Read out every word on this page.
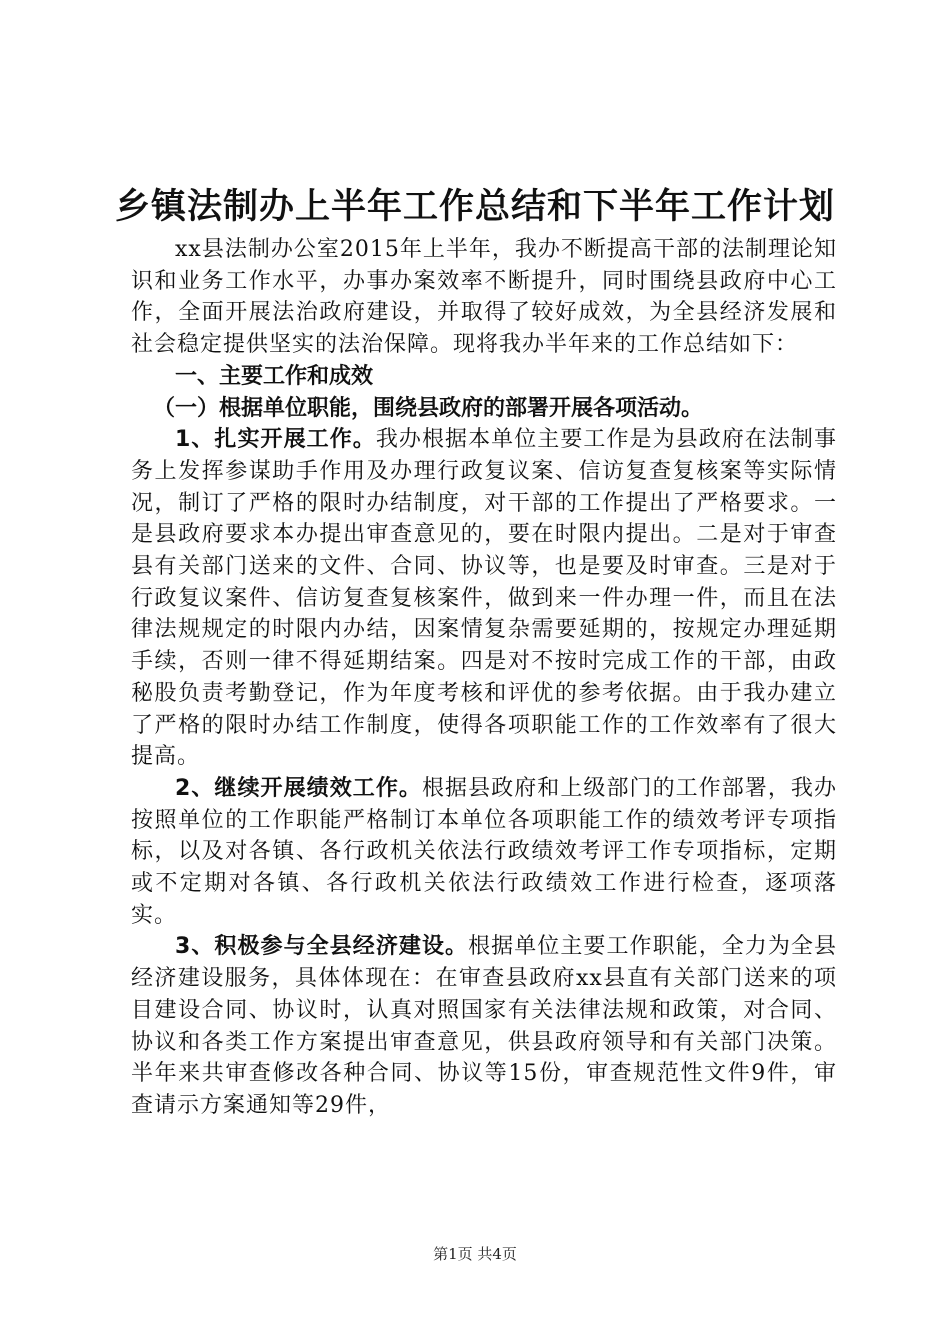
乡镇法制办上半年工作总结和下半年工作计划

xx县法制办公室2015年上半年，我办不断提高干部的法制理论知识和业务工作水平，办事办案效率不断提升，同时围绕县政府中心工作，全面开展法治政府建设，并取得了较好成效，为全县经济发展和社会稳定提供坚实的法治保障。现将我办半年来的工作总结如下：

一、主要工作和成效

（一）根据单位职能，围绕县政府的部署开展各项活动。

1、扎实开展工作。我办根据本单位主要工作是为县政府在法制事务上发挥参谋助手作用及办理行政复议案、信访复查复核案等实际情况，制订了严格的限时办结制度，对干部的工作提出了严格要求。一是县政府要求本办提出审查意见的，要在时限内提出。二是对于审查县有关部门送来的文件、合同、协议等，也是要及时审查。三是对于行政复议案件、信访复查复核案件，做到来一件办理一件，而且在法律法规规定的时限内办结，因案情复杂需要延期的，按规定办理延期手续，否则一律不得延期结案。四是对不按时完成工作的干部，由政秘股负责考勤登记，作为年度考核和评优的参考依据。由于我办建立了严格的限时办结工作制度，使得各项职能工作的工作效率有了很大提高。

2、继续开展绩效工作。根据县政府和上级部门的工作部署，我办按照单位的工作职能严格制订本单位各项职能工作的绩效考评专项指标，以及对各镇、各行政机关依法行政绩效考评工作专项指标，定期或不定期对各镇、各行政机关依法行政绩效工作进行检查，逐项落实。

3、积极参与全县经济建设。根据单位主要工作职能，全力为全县经济建设服务，具体体现在：在审查县政府xx县直有关部门送来的项目建设合同、协议时，认真对照国家有关法律法规和政策，对合同、协议和各类工作方案提出审查意见，供县政府领导和有关部门决策。半年来共审查修改各种合同、协议等15份，审查规范性文件9件，审查请示方案通知等29件，

第1页 共4页
